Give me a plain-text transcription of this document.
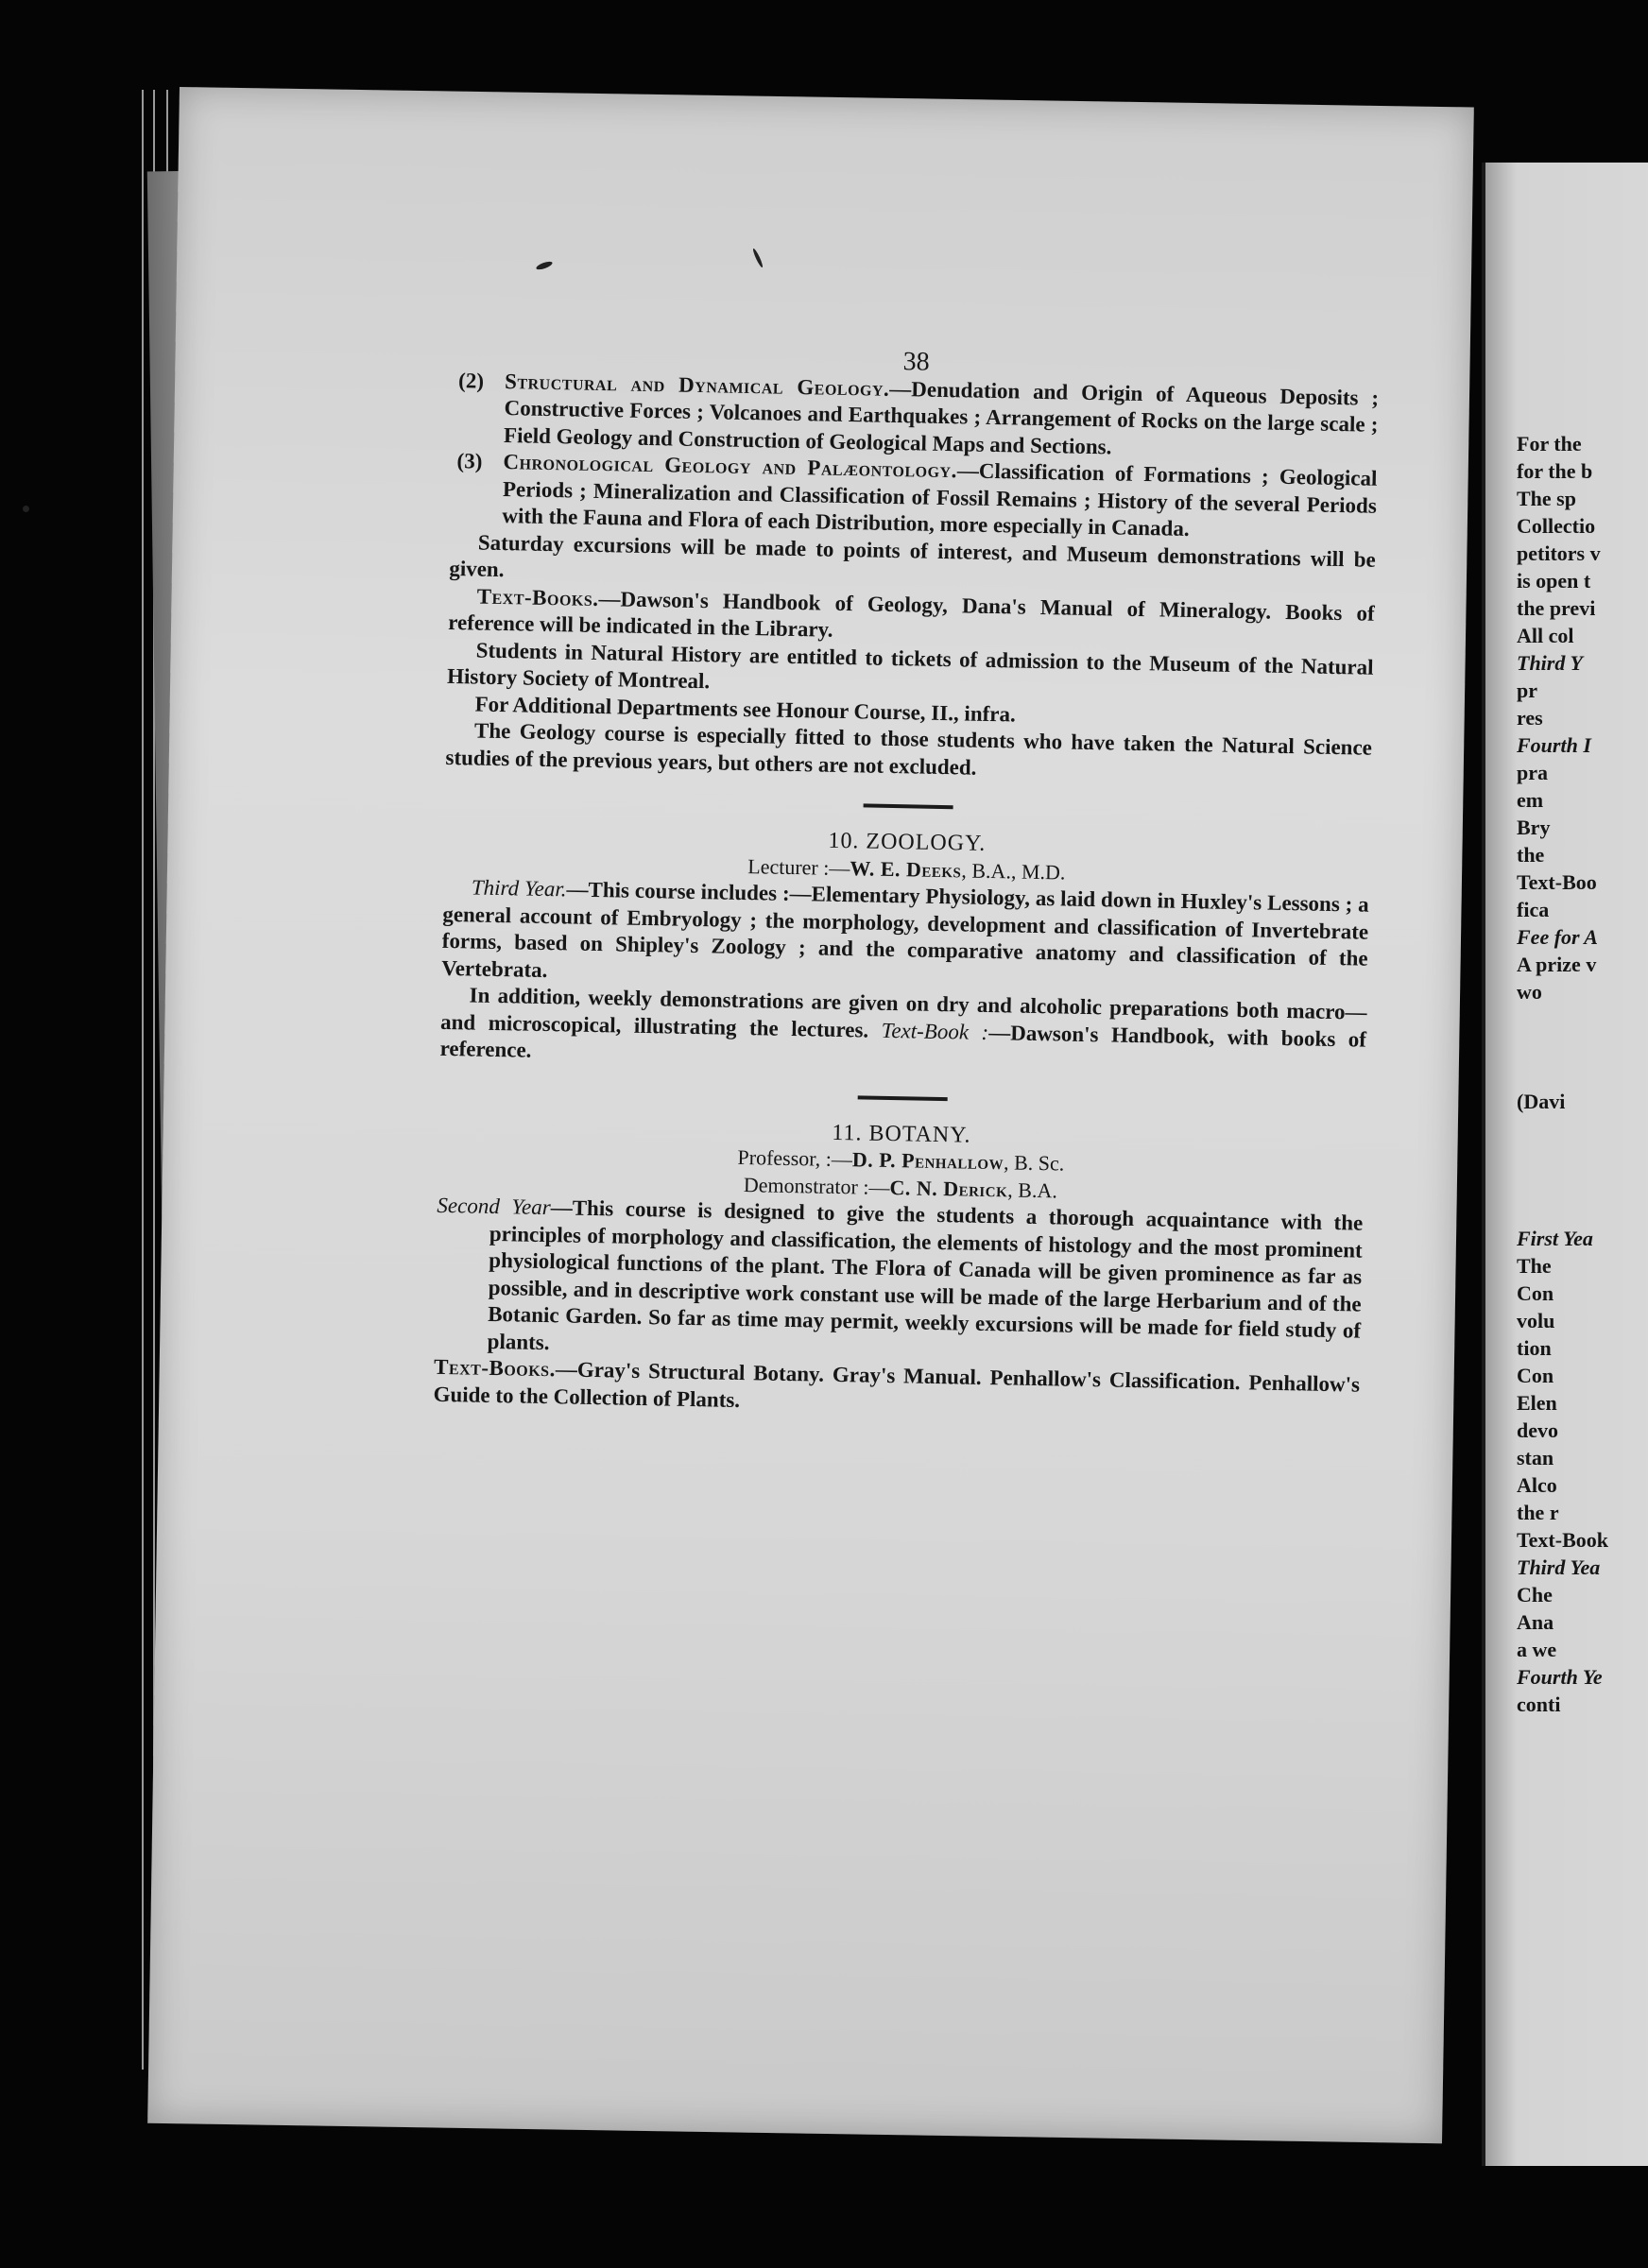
38

(2) Structural and Dynamical Geology.—Denudation and Origin of Aqueous Deposits ; Constructive Forces ; Volcanoes and Earthquakes ; Arrangement of Rocks on the large scale ; Field Geology and Construction of Geological Maps and Sections.

(3) Chronological Geology and Palæontology.—Classification of Formations ; Geological Periods ; Mineralization and Classification of Fossil Remains ; History of the several Periods with the Fauna and Flora of each Distribution, more especially in Canada.

Saturday excursions will be made to points of interest, and Museum demonstrations will be given.

Text-Books.—Dawson's Handbook of Geology, Dana's Manual of Mineralogy. Books of reference will be indicated in the Library.

Students in Natural History are entitled to tickets of admission to the Museum of the Natural History Society of Montreal.

For Additional Departments see Honour Course, II., infra.

The Geology course is especially fitted to those students who have taken the Natural Science studies of the previous years, but others are not excluded.

10. ZOOLOGY.

Lecturer :—W. E. Deeks, B.A., M.D.

Third Year.—This course includes :—Elementary Physiology, as laid down in Huxley's Lessons ; a general account of Embryology ; the morphology, development and classification of Invertebrate forms, based on Shipley's Zoology ; and the comparative anatomy and classification of the Vertebrata.

In addition, weekly demonstrations are given on dry and alcoholic preparations both macro—and microscopical, illustrating the lectures. Text-Book :—Dawson's Handbook, with books of reference.

11. BOTANY.

Professor, :—D. P. Penhallow, B. Sc.

Demonstrator :—C. N. Derick, B.A.

Second Year—This course is designed to give the students a thorough acquaintance with the principles of morphology and classification, the elements of histology and the most prominent physiological functions of the plant. The Flora of Canada will be given prominence as far as possible, and in descriptive work constant use will be made of the large Herbarium and of the Botanic Garden. So far as time may permit, weekly excursions will be made for field study of plants.

Text-Books.—Gray's Structural Botany. Gray's Manual. Penhallow's Classification. Penhallow's Guide to the Collection of Plants.

For the
for the b
The sp
Collectio
petitors v
is open t
the previ
All col
Third Y
pr
res
Fourth I
pra
em
Bry
the
Text-Boo
fica
Fee for A
A prize v
wo
(Davi
First Yea
The
Con
volu
tion
Con
Elen
devo
stan
Alco
the r
Text-Book
Third Yea
Che
Ana
a we
Fourth Ye
conti
